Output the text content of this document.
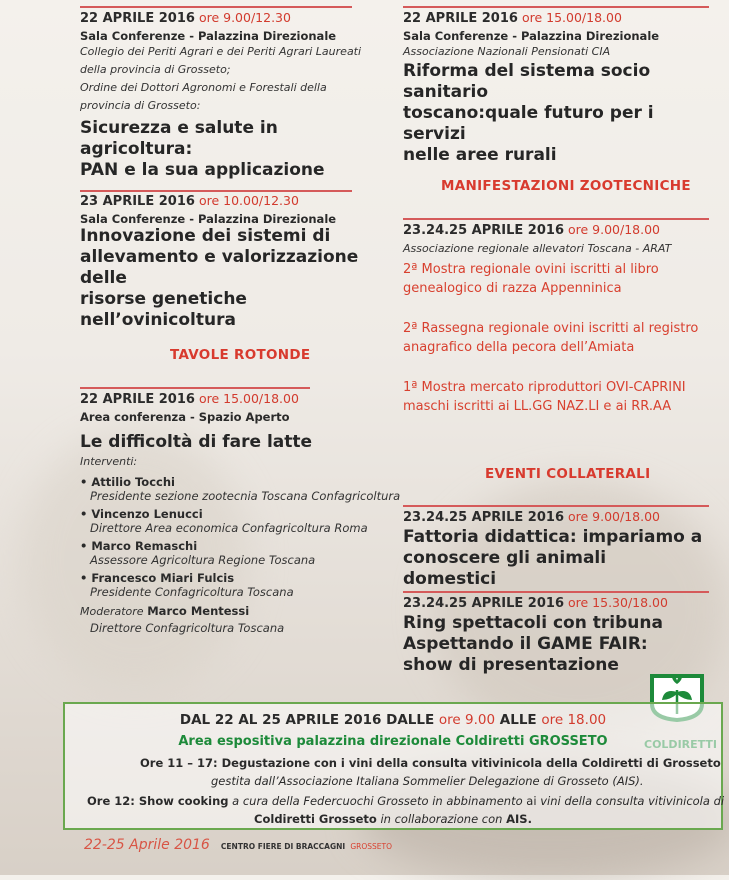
22 APRILE 2016 ore 9.00/12.30
Sala Conferenze - Palazzina Direzionale
Collegio dei Periti Agrari e dei Periti Agrari Laureati
della provincia di Grosseto;
Ordine dei Dottori Agronomi e Forestali della
provincia di Grosseto:
Sicurezza e salute in agricoltura:
PAN e la sua applicazione
23 APRILE 2016 ore 10.00/12.30
Sala Conferenze - Palazzina Direzionale
Innovazione dei sistemi di
allevamento e valorizzazione delle
risorse genetiche nell’ovinicoltura
TAVOLE ROTONDE
22 APRILE 2016 ore 15.00/18.00
Area conferenza - Spazio Aperto
Le difficoltà di fare latte
Interventi:
• Attilio Tocchi
Presidente sezione zootecnia Toscana Confagricoltura
• Vincenzo Lenucci
Direttore Area economica Confagricoltura Roma
• Marco Remaschi
Assessore Agricoltura Regione Toscana
• Francesco Miari Fulcis
Presidente Confagricoltura Toscana
Moderatore Marco Mentessi
Direttore Confagricoltura Toscana
22 APRILE 2016 ore 15.00/18.00
Sala Conferenze - Palazzina Direzionale
Associazione Nazionali Pensionati CIA
Riforma del sistema socio sanitario
toscano:quale futuro per i servizi
nelle aree rurali
MANIFESTAZIONI ZOOTECNICHE
23.24.25 APRILE 2016 ore 9.00/18.00
Associazione regionale allevatori Toscana - ARAT
2ª Mostra regionale ovini iscritti al libro
genealogico di razza Appenninica
2ª Rassegna regionale ovini iscritti al registro
anagrafico della pecora dell’Amiata
1ª Mostra mercato riproduttori OVI-CAPRINI
maschi iscritti ai LL.GG NAZ.LI e ai RR.AA
EVENTI COLLATERALI
23.24.25 APRILE 2016 ore 9.00/18.00
Fattoria didattica: impariamo a
conoscere gli animali domestici
23.24.25 APRILE 2016 ore 15.30/18.00
Ring spettacoli con tribuna
Aspettando il GAME FAIR:
show di presentazione
DAL 22 AL 25 APRILE 2016 DALLE ore 9.00 ALLE ore 18.00
Area espositiva palazzina direzionale Coldiretti GROSSETO
Ore 11 – 17: Degustazione con i vini della consulta vitivinicola della Coldiretti di Grosseto
gestita dall’Associazione Italiana Sommelier Delegazione di Grosseto (AIS).
Ore 12: Show cooking a cura della Federcuochi Grosseto in abbinamento ai vini della consulta vitivinicola di
Coldiretti Grosseto in collaborazione con AIS.
22-25 Aprile 2016 CENTRO FIERE DI BRACCAGNI GROSSETO
